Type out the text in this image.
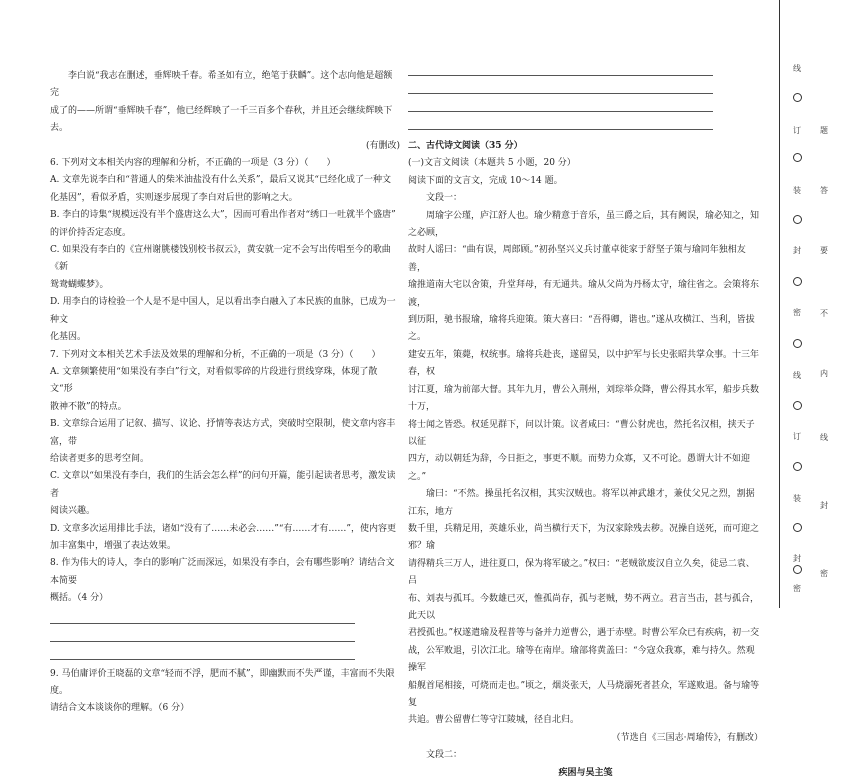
李白说“我志在删述，垂辉映千春。希圣如有立，绝笔于获麟”。这个志向他是超额完

成了的——所谓“垂辉映千春”，他已经辉映了一千三百多个春秋，并且还会继续辉映下去。

(有删改)

6. 下列对文本相关内容的理解和分析，不正确的一项是（3 分）（　　）

A. 文章先说李白和“普通人的柴米油盐没有什么关系”，最后又说其“已经化成了一种文

化基因”，看似矛盾，实则逐步展现了李白对后世的影响之大。

B. 李白的诗集“规模远没有半个盛唐这么大”，因而可看出作者对“绣口一吐就半个盛唐”

的评价持否定态度。

C. 如果没有李白的《宣州谢朓楼饯别校书叔云》，黄安就一定不会写出传唱至今的歌曲《新

鸳鸯蝴蝶梦》。

D. 用李白的诗检验一个人是不是中国人，足以看出李白融入了本民族的血脉，已成为一种文

化基因。

7. 下列对文本相关艺术手法及效果的理解和分析，不正确的一项是（3 分）（　　）

A. 文章频繁使用“如果没有李白”行文，对看似零碎的片段进行贯线穿珠，体现了散文“形

散神不散”的特点。

B. 文章综合运用了记叙、描写、议论、抒情等表达方式，突破时空限制，使文章内容丰富，带

给读者更多的思考空间。

C. 文章以“如果没有李白，我们的生活会怎么样”的问句开篇，能引起读者思考，激发读者

阅读兴趣。

D. 文章多次运用排比手法，诸如“没有了……未必会……”“有……才有……”，使内容更

加丰富集中，增强了表达效果。

8. 作为伟大的诗人，李白的影响广泛而深远，如果没有李白，会有哪些影响？请结合文本简要

概括。（4 分）

9. 马伯庸评价王晓磊的文章“轻而不浮，肥而不腻”，即幽默而不失严谨，丰富而不失限度。

请结合文本谈谈你的理解。（6 分）

二、古代诗文阅读（35 分）

(一)文言文阅读（本题共 5 小题，20 分）

阅读下面的文言文，完成 10～14 题。

文段一：

周瑜字公瑾，庐江舒人也。瑜少精意于音乐，虽三爵之后，其有阙误，瑜必知之，知之必顾，

故时人谣曰：“曲有误，周郎顾。”初孙坚兴义兵讨董卓徙家于舒坚子策与瑜同年独相友善，

瑜推道南大宅以舍策，升堂拜母，有无通共。瑜从父尚为丹杨太守，瑜往省之。会策将东渡，

到历阳，驰书报瑜，瑜将兵迎策。策大喜曰：“吾得卿，谐也。”遂从攻横江、当利，皆拔之。

建安五年，策薨，权统事。瑜将兵赴丧，遂留吴，以中护军与长史张昭共掌众事。十三年春，权

讨江夏，瑜为前部大督。其年九月，曹公入荆州，刘琮举众降，曹公得其水军，船步兵数十万，

将士闻之皆恐。权延见群下，问以计策。议者咸曰：“曹公豺虎也，然托名汉相，挟天子以征

四方，动以朝廷为辞，今日拒之，事更不顺。而势力众寡，又不可论。愚谓大计不如迎之。”

瑜曰：“不然。操虽托名汉相，其实汉贼也。将军以神武雄才，兼仗父兄之烈，割据江东，地方

数千里，兵精足用，英雄乐业，尚当横行天下，为汉家除残去秽。况操自送死，而可迎之邪？瑜

请得精兵三万人，进往夏口，保为将军破之。”权曰：“老贼欲废汉自立久矣，徒忌二袁、吕

布、刘表与孤耳。今数雄已灭，惟孤尚存，孤与老贼，势不两立。君言当击，甚与孤合，此天以

君授孤也。”权遂遣瑜及程普等与备并力逆曹公，遇于赤壁。时曹公军众已有疾病，初一交

战，公军败退，引次江北。瑜等在南岸。瑜部将黄盖曰：“今寇众我寡，难与持久。然观操军

船舰首尾相接，可烧而走也。”顷之，烟炎张天，人马烧溺死者甚众，军遂败退。备与瑜等复

共追。曹公留曹仁等守江陵城，径自北归。

（节选自《三国志·周瑜传》，有删改）

文段二：

疾困与吴主笺

线
订
装
封
密
线
订
装
封
密
题
答
要
不
内
线
封
密
